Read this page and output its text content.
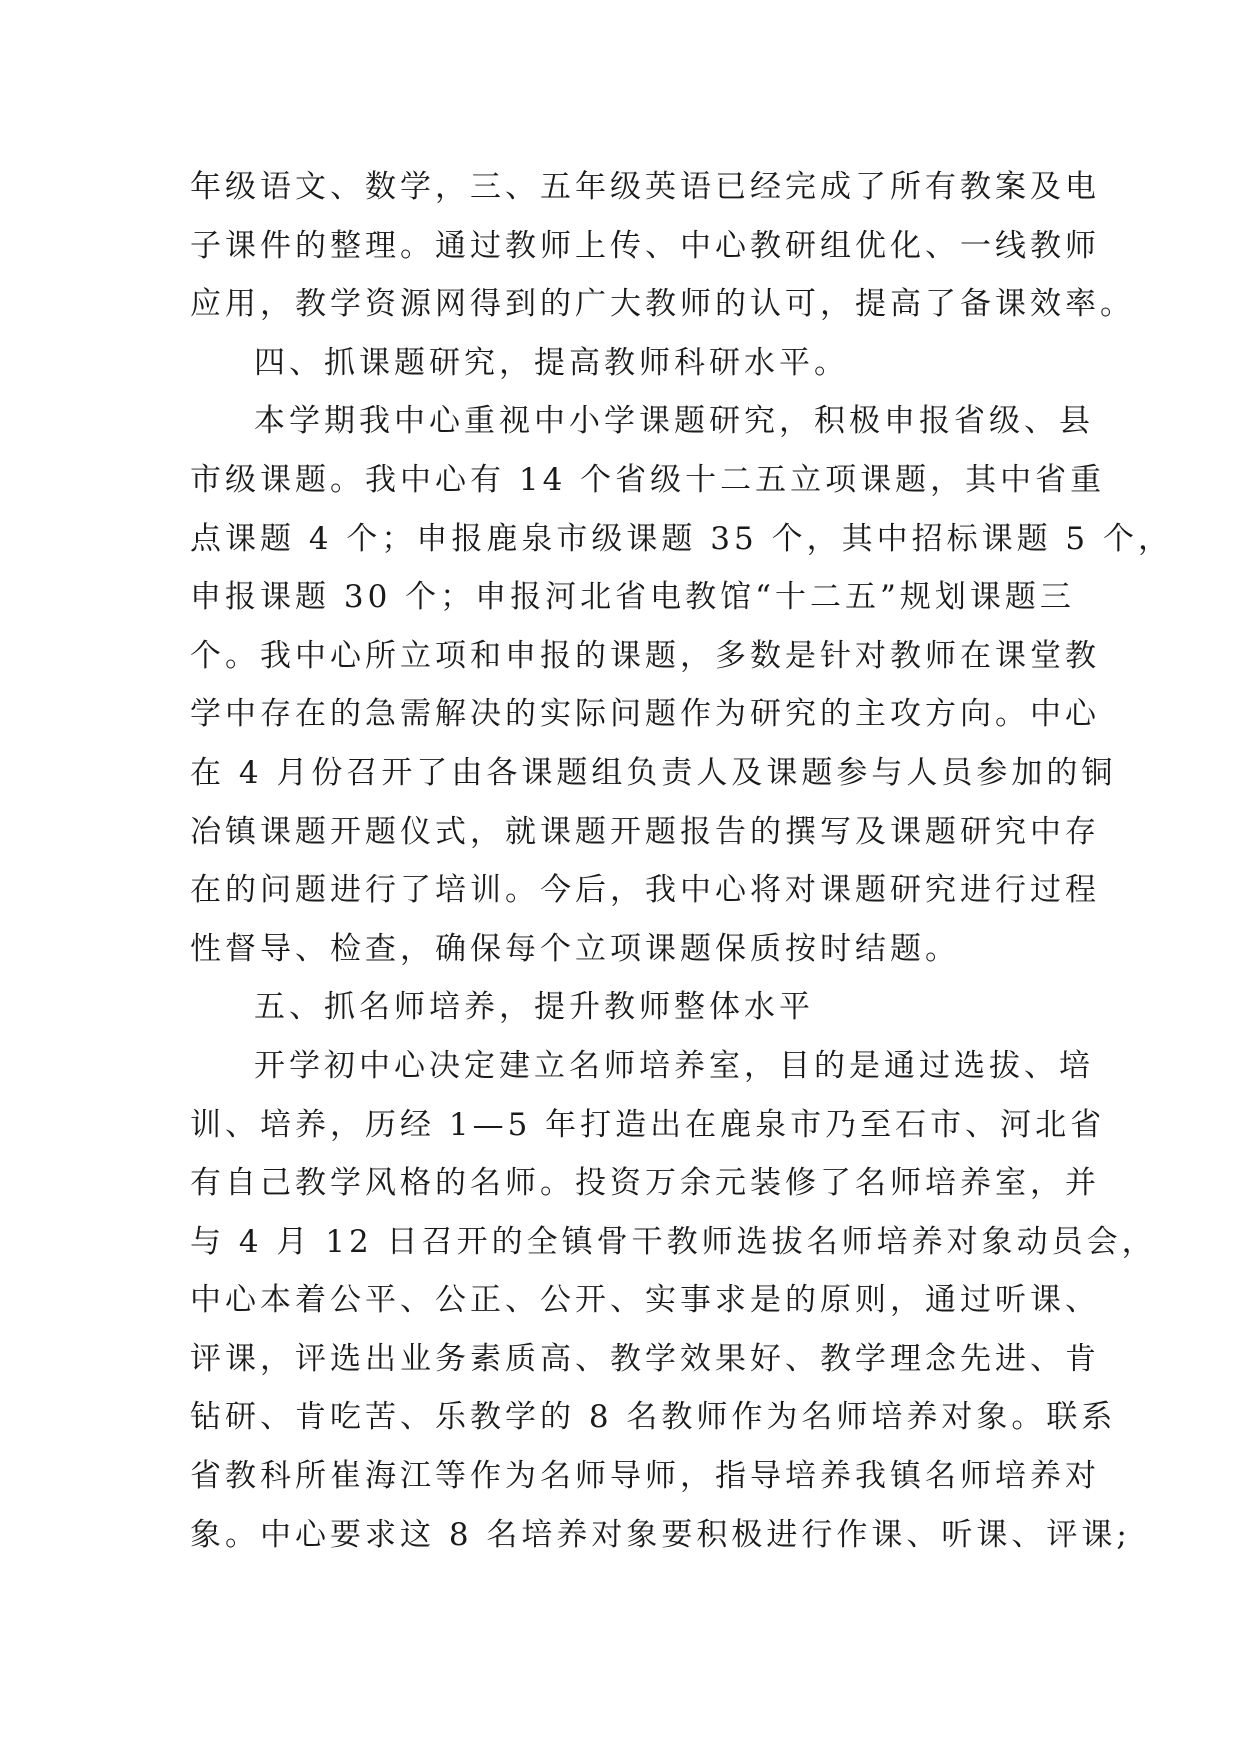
年级语文、数学，三、五年级英语已经完成了所有教案及电
子课件的整理。通过教师上传、中心教研组优化、一线教师
应用，教学资源网得到的广大教师的认可，提高了备课效率。
四、抓课题研究，提高教师科研水平。
本学期我中心重视中小学课题研究，积极申报省级、县
市级课题。我中心有 14 个省级十二五立项课题，其中省重
点课题 4 个；申报鹿泉市级课题 35 个，其中招标课题 5 个，
申报课题 30 个；申报河北省电教馆“十二五”规划课题三
个。我中心所立项和申报的课题，多数是针对教师在课堂教
学中存在的急需解决的实际问题作为研究的主攻方向。中心
在 4 月份召开了由各课题组负责人及课题参与人员参加的铜
冶镇课题开题仪式，就课题开题报告的撰写及课题研究中存
在的问题进行了培训。今后，我中心将对课题研究进行过程
性督导、检查，确保每个立项课题保质按时结题。
五、抓名师培养，提升教师整体水平
开学初中心决定建立名师培养室，目的是通过选拔、培
训、培养，历经 1—5 年打造出在鹿泉市乃至石市、河北省
有自己教学风格的名师。投资万余元装修了名师培养室，并
与 4 月 12 日召开的全镇骨干教师选拔名师培养对象动员会，
中心本着公平、公正、公开、实事求是的原则，通过听课、
评课，评选出业务素质高、教学效果好、教学理念先进、肯
钻研、肯吃苦、乐教学的 8 名教师作为名师培养对象。联系
省教科所崔海江等作为名师导师，指导培养我镇名师培养对
象。中心要求这 8 名培养对象要积极进行作课、听课、评课;
